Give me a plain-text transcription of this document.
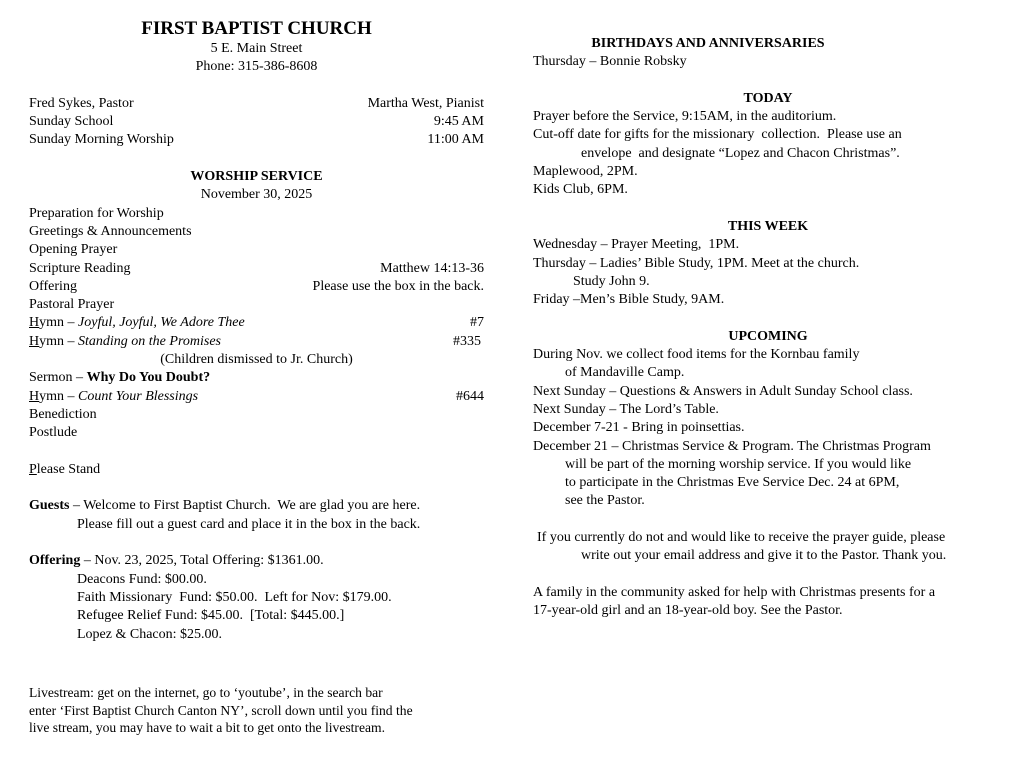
FIRST BAPTIST CHURCH
5 E. Main Street
Phone: 315-386-8608
Fred Sykes, Pastor	Martha West, Pianist
Sunday School	9:45 AM
Sunday Morning Worship	11:00 AM
WORSHIP SERVICE
November 30, 2025
Preparation for Worship
Greetings & Announcements
Opening Prayer
Scripture Reading	Matthew 14:13-36
Offering	Please use the box in the back.
Pastoral Prayer
Hymn – Joyful, Joyful, We Adore Thee	#7
Hymn – Standing on the Promises	#335
(Children dismissed to Jr. Church)
Sermon – Why Do You Doubt?
Hymn – Count Your Blessings	#644
Benediction
Postlude
Please Stand
Guests – Welcome to First Baptist Church.  We are glad you are here.
Please fill out a guest card and place it in the box in the back.
Offering – Nov. 23, 2025, Total Offering: $1361.00.
Deacons Fund: $00.00.
Faith Missionary  Fund: $50.00.  Left for Nov: $179.00.
Refugee Relief Fund: $45.00.  [Total: $445.00.]
Lopez & Chacon: $25.00.
Livestream: get on the internet, go to ‘youtube’, in the search bar
enter ‘First Baptist Church Canton NY’, scroll down until you find the
live stream, you may have to wait a bit to get onto the livestream.
BIRTHDAYS AND ANNIVERSARIES
Thursday – Bonnie Robsky
TODAY
Prayer before the Service, 9:15AM, in the auditorium.
Cut-off date for gifts for the missionary  collection.  Please use an
envelope  and designate “Lopez and Chacon Christmas”.
Maplewood, 2PM.
Kids Club, 6PM.
THIS WEEK
Wednesday – Prayer Meeting,  1PM.
Thursday – Ladies’ Bible Study, 1PM. Meet at the church.
Study John 9.
Friday –Men’s Bible Study, 9AM.
UPCOMING
During Nov. we collect food items for the Kornbau family
of Mandaville Camp.
Next Sunday – Questions & Answers in Adult Sunday School class.
Next Sunday – The Lord’s Table.
December 7-21 - Bring in poinsettias.
December 21 – Christmas Service & Program. The Christmas Program
will be part of the morning worship service. If you would like
to participate in the Christmas Eve Service Dec. 24 at 6PM,
see the Pastor.
If you currently do not and would like to receive the prayer guide, please
write out your email address and give it to the Pastor. Thank you.
A family in the community asked for help with Christmas presents for a
17-year-old girl and an 18-year-old boy. See the Pastor.
